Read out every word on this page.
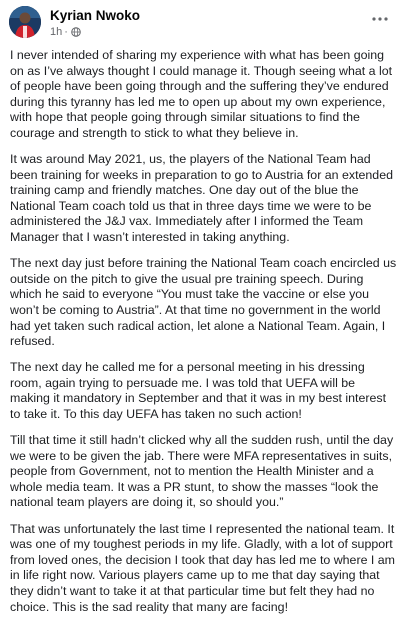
Kyrian Nwoko
1h ·

I never intended of sharing my experience with what has been going on as I’ve always thought I could manage it. Though seeing what a lot of people have been going through and the suffering they’ve endured during this tyranny has led me to open up about my own experience, with hope that people going through similar situations to find the courage and strength to stick to what they believe in.

It was around May 2021, us, the players of the National Team had been training for weeks in preparation to go to Austria for an extended training camp and friendly matches. One day out of the blue the National Team coach told us that in three days time we were to be administered the J&J vax. Immediately after I informed the Team Manager that I wasn’t interested in taking anything.

The next day just before training the National Team coach encircled us outside on the pitch to give the usual pre training speech. During which he said to everyone “You must take the vaccine or else you won’t be coming to Austria”. At that time no government in the world had yet taken such radical action, let alone a National Team. Again, I refused.

The next day he called me for a personal meeting in his dressing room, again trying to persuade me. I was told that UEFA will be making it mandatory in September and that it was in my best interest to take it. To this day UEFA has taken no such action!

Till that time it still hadn’t clicked why all the sudden rush, until the day we were to be given the jab. There were MFA representatives in suits, people from Government, not to mention the Health Minister and a whole media team. It was a PR stunt, to show the masses “look the national team players are doing it, so should you.”

That was unfortunately the last time I represented the national team. It was one of my toughest periods in my life. Gladly, with a lot of support from loved ones, the decision I took that day has led me to where I am in life right now. Various players came up to me that day saying that they didn’t want to take it at that particular time but felt they had no choice. This is the sad reality that many are facing!
